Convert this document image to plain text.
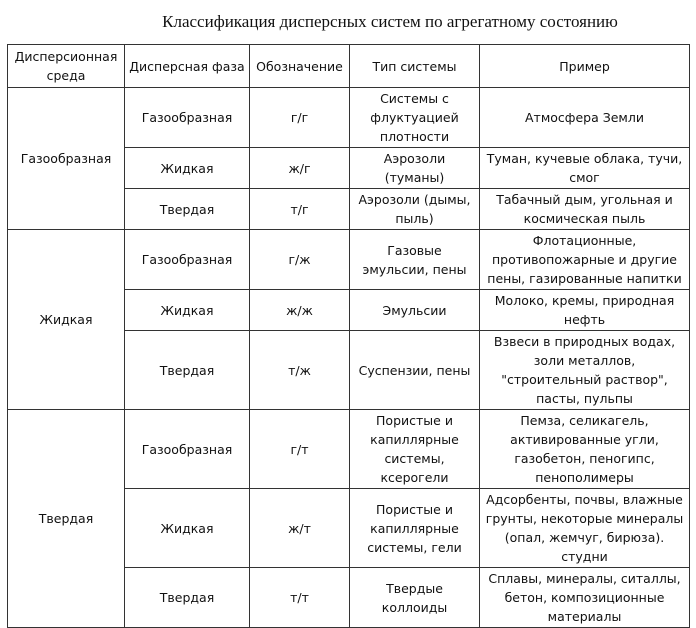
Классификация дисперсных систем по агрегатному состоянию
Дисперсионная среда	Дисперсная фаза	Обозначение	Тип системы	Пример
Газообразная	Газообразная	г/г	Системы с флуктуацией плотности	Атмосфера Земли
	Жидкая	ж/г	Аэрозоли (туманы)	Туман, кучевые облака, тучи, смог
	Твердая	т/г	Аэрозоли (дымы, пыль)	Табачный дым, угольная и космическая пыль
Жидкая	Газообразная	г/ж	Газовые эмульсии, пены	Флотационные, противопожарные и другие пены, газированные напитки
	Жидкая	ж/ж	Эмульсии	Молоко, кремы, природная нефть
	Твердая	т/ж	Суспензии, пены	Взвеси в природных водах, золи металлов, "строительный раствор", пасты, пульпы
Твердая	Газообразная	г/т	Пористые и капиллярные системы, ксерогели	Пемза, селикагель, активированные угли, газобетон, пеногипс, пенополимеры
	Жидкая	ж/т	Пористые и капиллярные системы, гели	Адсорбенты, почвы, влажные грунты, некоторые минералы (опал, жемчуг, бирюза). студни
	Твердая	т/т	Твердые коллоиды	Сплавы, минералы, ситаллы, бетон, композиционные материалы
